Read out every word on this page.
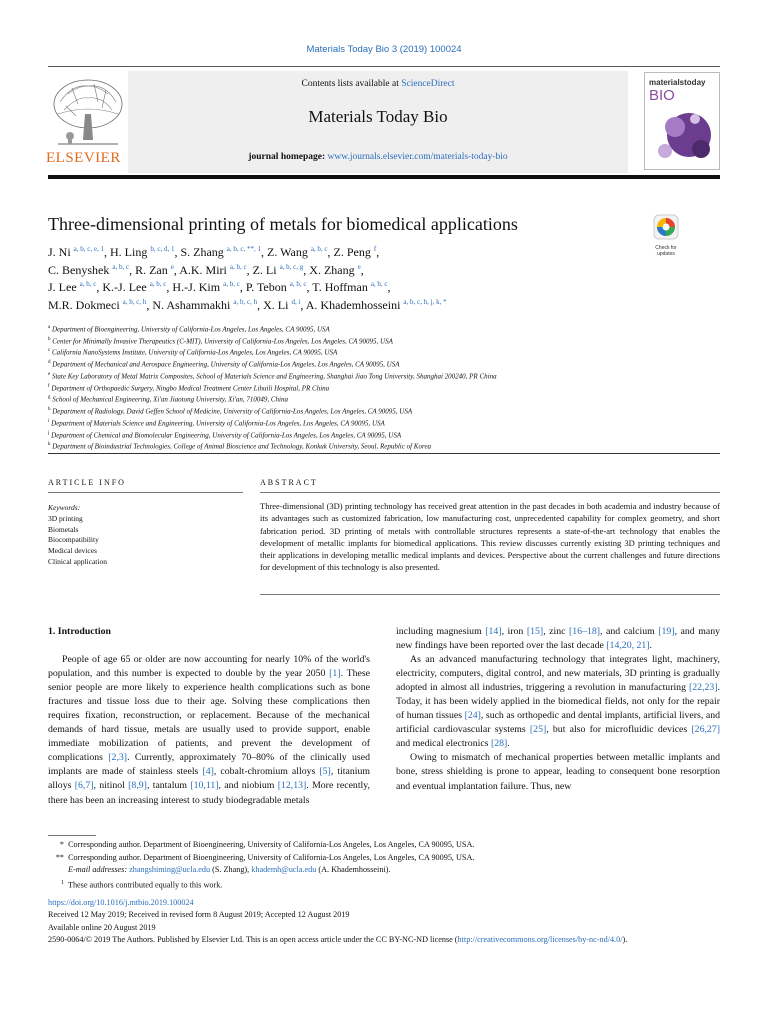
Materials Today Bio 3 (2019) 100024
ELSEVIER
Contents lists available at ScienceDirect
Materials Today Bio
journal homepage: www.journals.elsevier.com/materials-today-bio
materialstoday
BIO
Three-dimensional printing of metals for biomedical applications
Check for updates
J. Ni $^{a, b, c, e, 1}$, H. Ling $^{b, c, d, 1}$, S. Zhang $^{a, b, c, **, 1}$, Z. Wang $^{a, b, c}$, Z. Peng $^f$,
C. Benyshek $^{a, b, c}$, R. Zan $^e$, A.K. Miri $^{a, b, c}$, Z. Li $^{a, b, c, g}$, X. Zhang $^e$,
J. Lee $^{a, b, c}$, K.-J. Lee $^{a, b, c}$, H.-J. Kim $^{a, b, c}$, P. Tebon $^{a, b, c}$, T. Hoffman $^{a, b, c}$,
M.R. Dokmeci $^{a, b, c, h}$, N. Ashammakhi $^{a, b, c, h}$, X. Li $^{d, i}$, A. Khademhosseini $^{a, b, c, h, j, k, *}$
$^a$ Department of Bioengineering, University of California-Los Angeles, Los Angeles, CA 90095, USA
$^b$ Center for Minimally Invasive Therapeutics (C-MIT), University of California-Los Angeles, Los Angeles, CA 90095, USA
$^c$ California NanoSystems Institute, University of California-Los Angeles, Los Angeles, CA 90095, USA
$^d$ Department of Mechanical and Aerospace Engineering, University of California-Los Angeles, Los Angeles, CA 90095, USA
$^e$ State Key Laboratory of Metal Matrix Composites, School of Materials Science and Engineering, Shanghai Jiao Tong University, Shanghai 200240, PR China
$^f$ Department of Orthopaedic Surgery, Ningbo Medical Treatment Center Lihuili Hospital, PR China
$^g$ School of Mechanical Engineering, Xi'an Jiaotong University, Xi'an, 710049, China
$^h$ Department of Radiology, David Geffen School of Medicine, University of California-Los Angeles, Los Angeles, CA 90095, USA
$^i$ Department of Materials Science and Engineering, University of California-Los Angeles, Los Angeles, CA 90095, USA
$^j$ Department of Chemical and Biomolecular Engineering, University of California-Los Angeles, Los Angeles, CA 90095, USA
$^k$ Department of Bioindustrial Technologies, College of Animal Bioscience and Technology, Konkuk University, Seoul, Republic of Korea
ARTICLE INFO
Keywords:
3D printing
Biometals
Biocompatibility
Medical devices
Clinical application
ABSTRACT
Three-dimensional (3D) printing technology has received great attention in the past decades in both academia and industry because of its advantages such as customized fabrication, low manufacturing cost, unprecedented capability for complex geometry, and short fabrication period. 3D printing of metals with controllable structures represents a state-of-the-art technology that enables the development of metallic implants for biomedical applications. This review discusses currently existing 3D printing techniques and their applications in developing metallic medical implants and devices. Perspective about the current challenges and future directions for development of this technology is also presented.
1. Introduction

People of age 65 or older are now accounting for nearly 10% of the world's population, and this number is expected to double by the year 2050 [1]. These senior people are more likely to experience health complications such as bone fractures and tissue loss due to their age. Solving these complications then requires fixation, reconstruction, or replacement. Because of the mechanical demands of hard tissue, metals are usually used to provide support, enable immediate mobilization of patients, and prevent the development of complications [2,3]. Currently, approximately 70–80% of the clinically used implants are made of stainless steels [4], cobalt-chromium alloys [5], titanium alloys [6,7], nitinol [8,9], tantalum [10,11], and niobium [12,13]. More recently, there has been an increasing interest to study biodegradable metals

including magnesium [14], iron [15], zinc [16–18], and calcium [19], and many new findings have been reported over the last decade [14,20, 21].

As an advanced manufacturing technology that integrates light, machinery, electricity, computers, digital control, and new materials, 3D printing is gradually adopted in almost all industries, triggering a revolution in manufacturing [22,23]. Today, it has been widely applied in the biomedical fields, not only for the repair of human tissues [24], such as orthopedic and dental implants, artificial livers, and artificial cardiovascular systems [25], but also for microfluidic devices [26,27] and medical electronics [28].

Owing to mismatch of mechanical properties between metallic implants and bone, stress shielding is prone to appear, leading to consequent bone resorption and eventual implantation failure. Thus, new

* Corresponding author. Department of Bioengineering, University of California-Los Angeles, Los Angeles, CA 90095, USA.
** Corresponding author. Department of Bioengineering, University of California-Los Angeles, Los Angeles, CA 90095, USA.
E-mail addresses: zhangshiming@ucla.edu (S. Zhang), khademh@ucla.edu (A. Khademhosseini).
1 These authors contributed equally to this work.
https://doi.org/10.1016/j.mtbio.2019.100024
Received 12 May 2019; Received in revised form 8 August 2019; Accepted 12 August 2019
Available online 20 August 2019
2590-0064/© 2019 The Authors. Published by Elsevier Ltd. This is an open access article under the CC BY-NC-ND license (http://creativecommons.org/licenses/by-nc-nd/4.0/).
